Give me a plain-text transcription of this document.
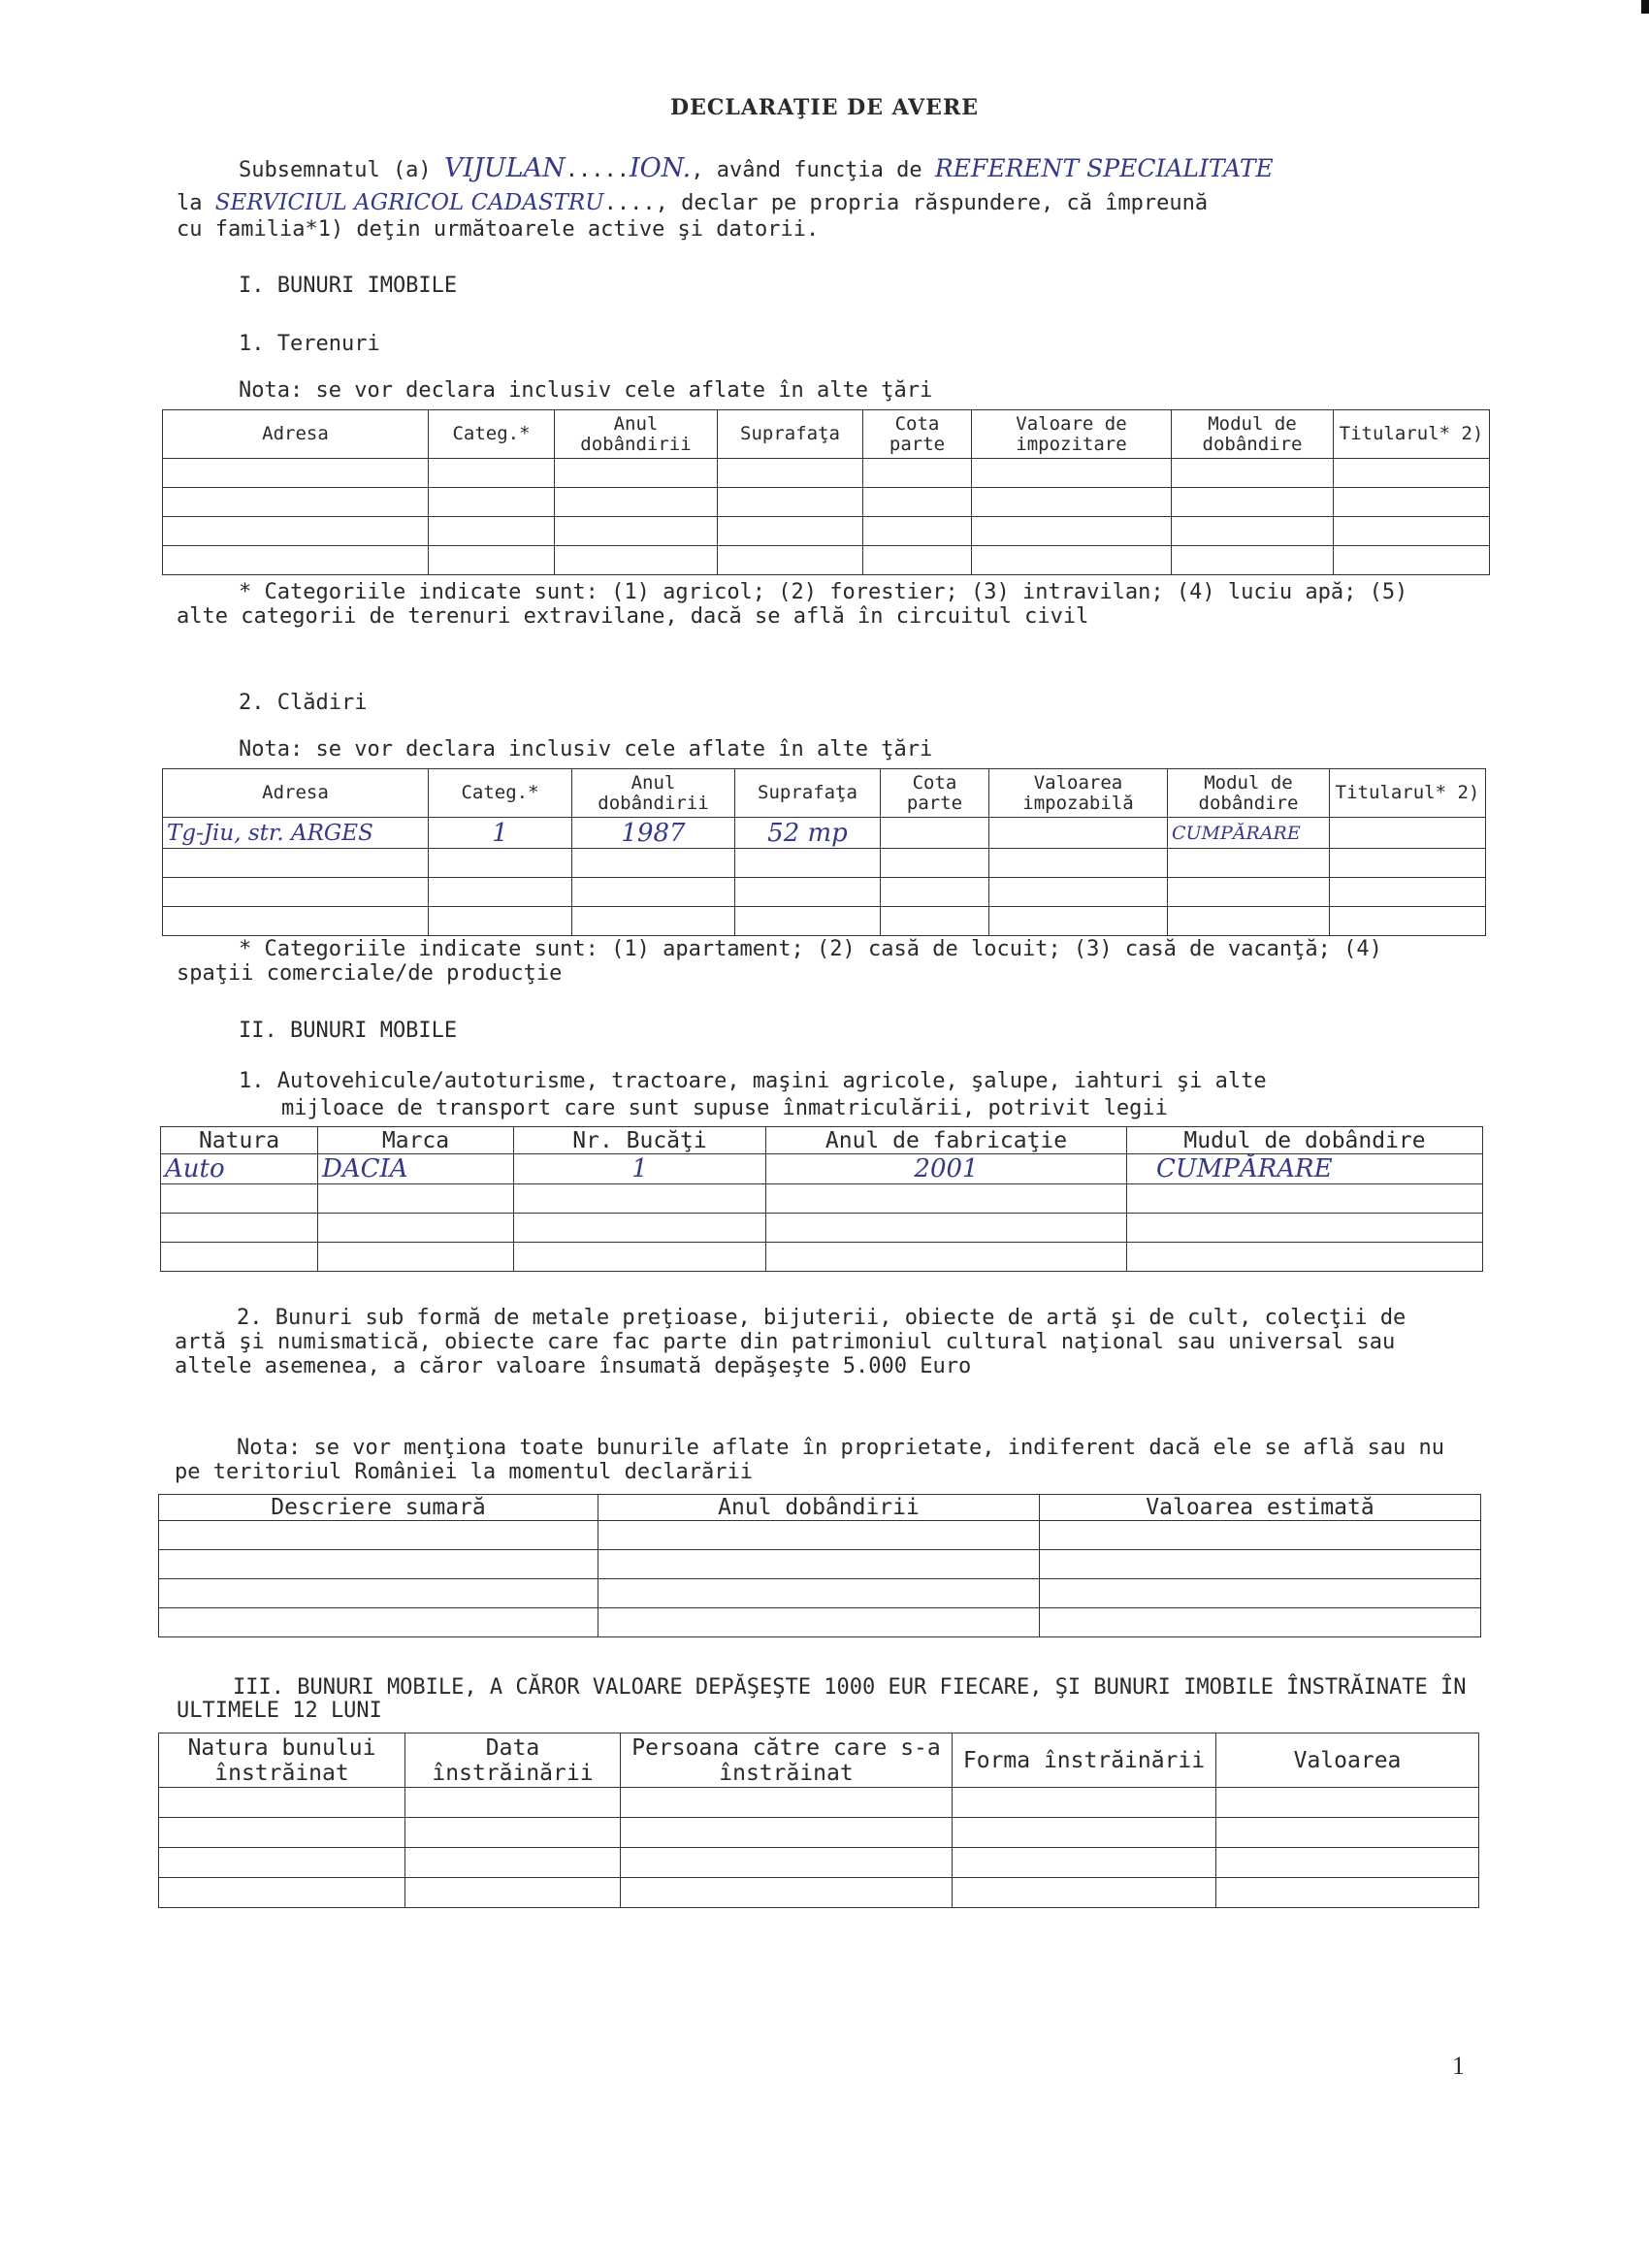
DECLARAŢIE DE AVERE
Subsemnatul (a) VIJULAN.....ION., având funcţia de REFERENT SPECIALITATE
la SERVICIUL AGRICOL CADASTRU...., declar pe propria răspundere, că împreună
cu familia*1) deţin următoarele active şi datorii.
I. BUNURI IMOBILE
1. Terenuri
Nota: se vor declara inclusiv cele aflate în alte ţări
Adresa	Categ.*	Anul dobândirii	Suprafaţa	Cota parte	Valoare de impozitare	Modul de dobândire	Titularul* 2)

* Categoriile indicate sunt: (1) agricol; (2) forestier; (3) intravilan; (4) luciu apă; (5) alte categorii de terenuri extravilane, dacă se află în circuitul civil
2. Clădiri
Nota: se vor declara inclusiv cele aflate în alte ţări
Adresa	Categ.*	Anul dobândirii	Suprafaţa	Cota parte	Valoarea impozabilă	Modul de dobândire	Titularul* 2)
Tg-Jiu, str. ARGES	1	1987	52 mp			CUMPĂRARE	

* Categoriile indicate sunt: (1) apartament; (2) casă de locuit; (3) casă de vacanţă; (4) spaţii comerciale/de producţie
II. BUNURI MOBILE
1. Autovehicule/autoturisme, tractoare, maşini agricole, şalupe, iahturi şi alte
mijloace de transport care sunt supuse înmatriculării, potrivit legii
Natura	Marca	Nr. Bucăţi	Anul de fabricaţie	Mudul de dobândire
Auto	DACIA	1	2001	CUMPĂRARE

2. Bunuri sub formă de metale preţioase, bijuterii, obiecte de artă şi de cult, colecţii de artă şi numismatică, obiecte care fac parte din patrimoniul cultural naţional sau universal sau altele asemenea, a căror valoare însumată depăşeşte 5.000 Euro
Nota: se vor menţiona toate bunurile aflate în proprietate, indiferent dacă ele se află sau nu pe teritoriul României la momentul declarării
Descriere sumară	Anul dobândirii	Valoarea estimată

III. BUNURI MOBILE, A CĂROR VALOARE DEPĂŞEŞTE 1000 EUR FIECARE, ŞI BUNURI IMOBILE ÎNSTRĂINATE ÎN ULTIMELE 12 LUNI
Natura bunului înstrăinat	Data înstrăinării	Persoana către care s-a înstrăinat	Forma înstrăinării	Valoarea

1
